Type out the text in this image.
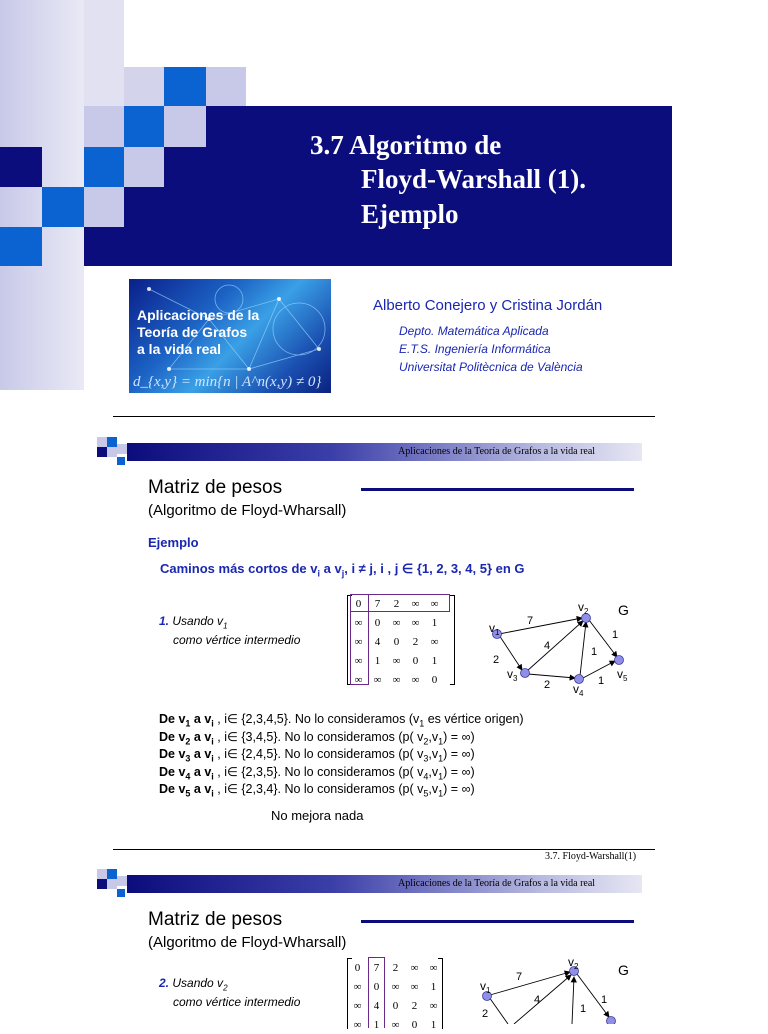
3.7 Algoritmo de
Floyd-Warshall (1).
Ejemplo
Aplicaciones de la
Teoría de Grafos
a la vida real
d_{x,y} = min{n | A^n(x,y) ≠ 0}
Alberto Conejero y Cristina Jordán
Depto. Matemática Aplicada
E.T.S. Ingeniería Informática
Universitat Politècnica de València
Aplicaciones de la Teoría de Grafos a la vida real
Matriz de pesos
(Algoritmo de Floyd-Wharsall)
Ejemplo
Caminos más cortos de $v_i$ a $v_j$, i ≠ j, i , j ∈ {1, 2, 3, 4, 5} en G
1. Usando $v_1$
como vértice intermedio
0	7	2	∞	∞
∞	0	∞	∞	1
∞	4	0	2	∞
∞	1	∞	0	1
∞	∞	∞	∞	0
G
$v_1$
$v_2$
$v_3$
$v_4$
$v_5$
7
2
4
2
1
1
1
De $v_1$ a $v_i$ , i∈ {2,3,4,5}. No lo consideramos ($v_1$ es vértice origen)
De $v_2$ a $v_i$ , i∈ {3,4,5}. No lo consideramos (p( $v_2,v_1$) = ∞)
De $v_3$ a $v_i$ , i∈ {2,4,5}. No lo consideramos (p( $v_3,v_1$) = ∞)
De $v_4$ a $v_i$ , i∈ {2,3,5}. No lo consideramos (p( $v_4,v_1$) = ∞)
De $v_5$ a $v_i$ , i∈ {2,3,4}. No lo consideramos (p( $v_5,v_1$) = ∞)
No mejora nada
3.7. Floyd-Warshall(1)
Aplicaciones de la Teoría de Grafos a la vida real
Matriz de pesos
(Algoritmo de Floyd-Wharsall)
2. Usando $v_2$
como vértice intermedio
0	7	2	∞	∞
∞	0	∞	∞	1
∞	4	0	2	∞
∞	1	∞	0	1
G
$v_1$
$v_2$
7
4
2
1
1
